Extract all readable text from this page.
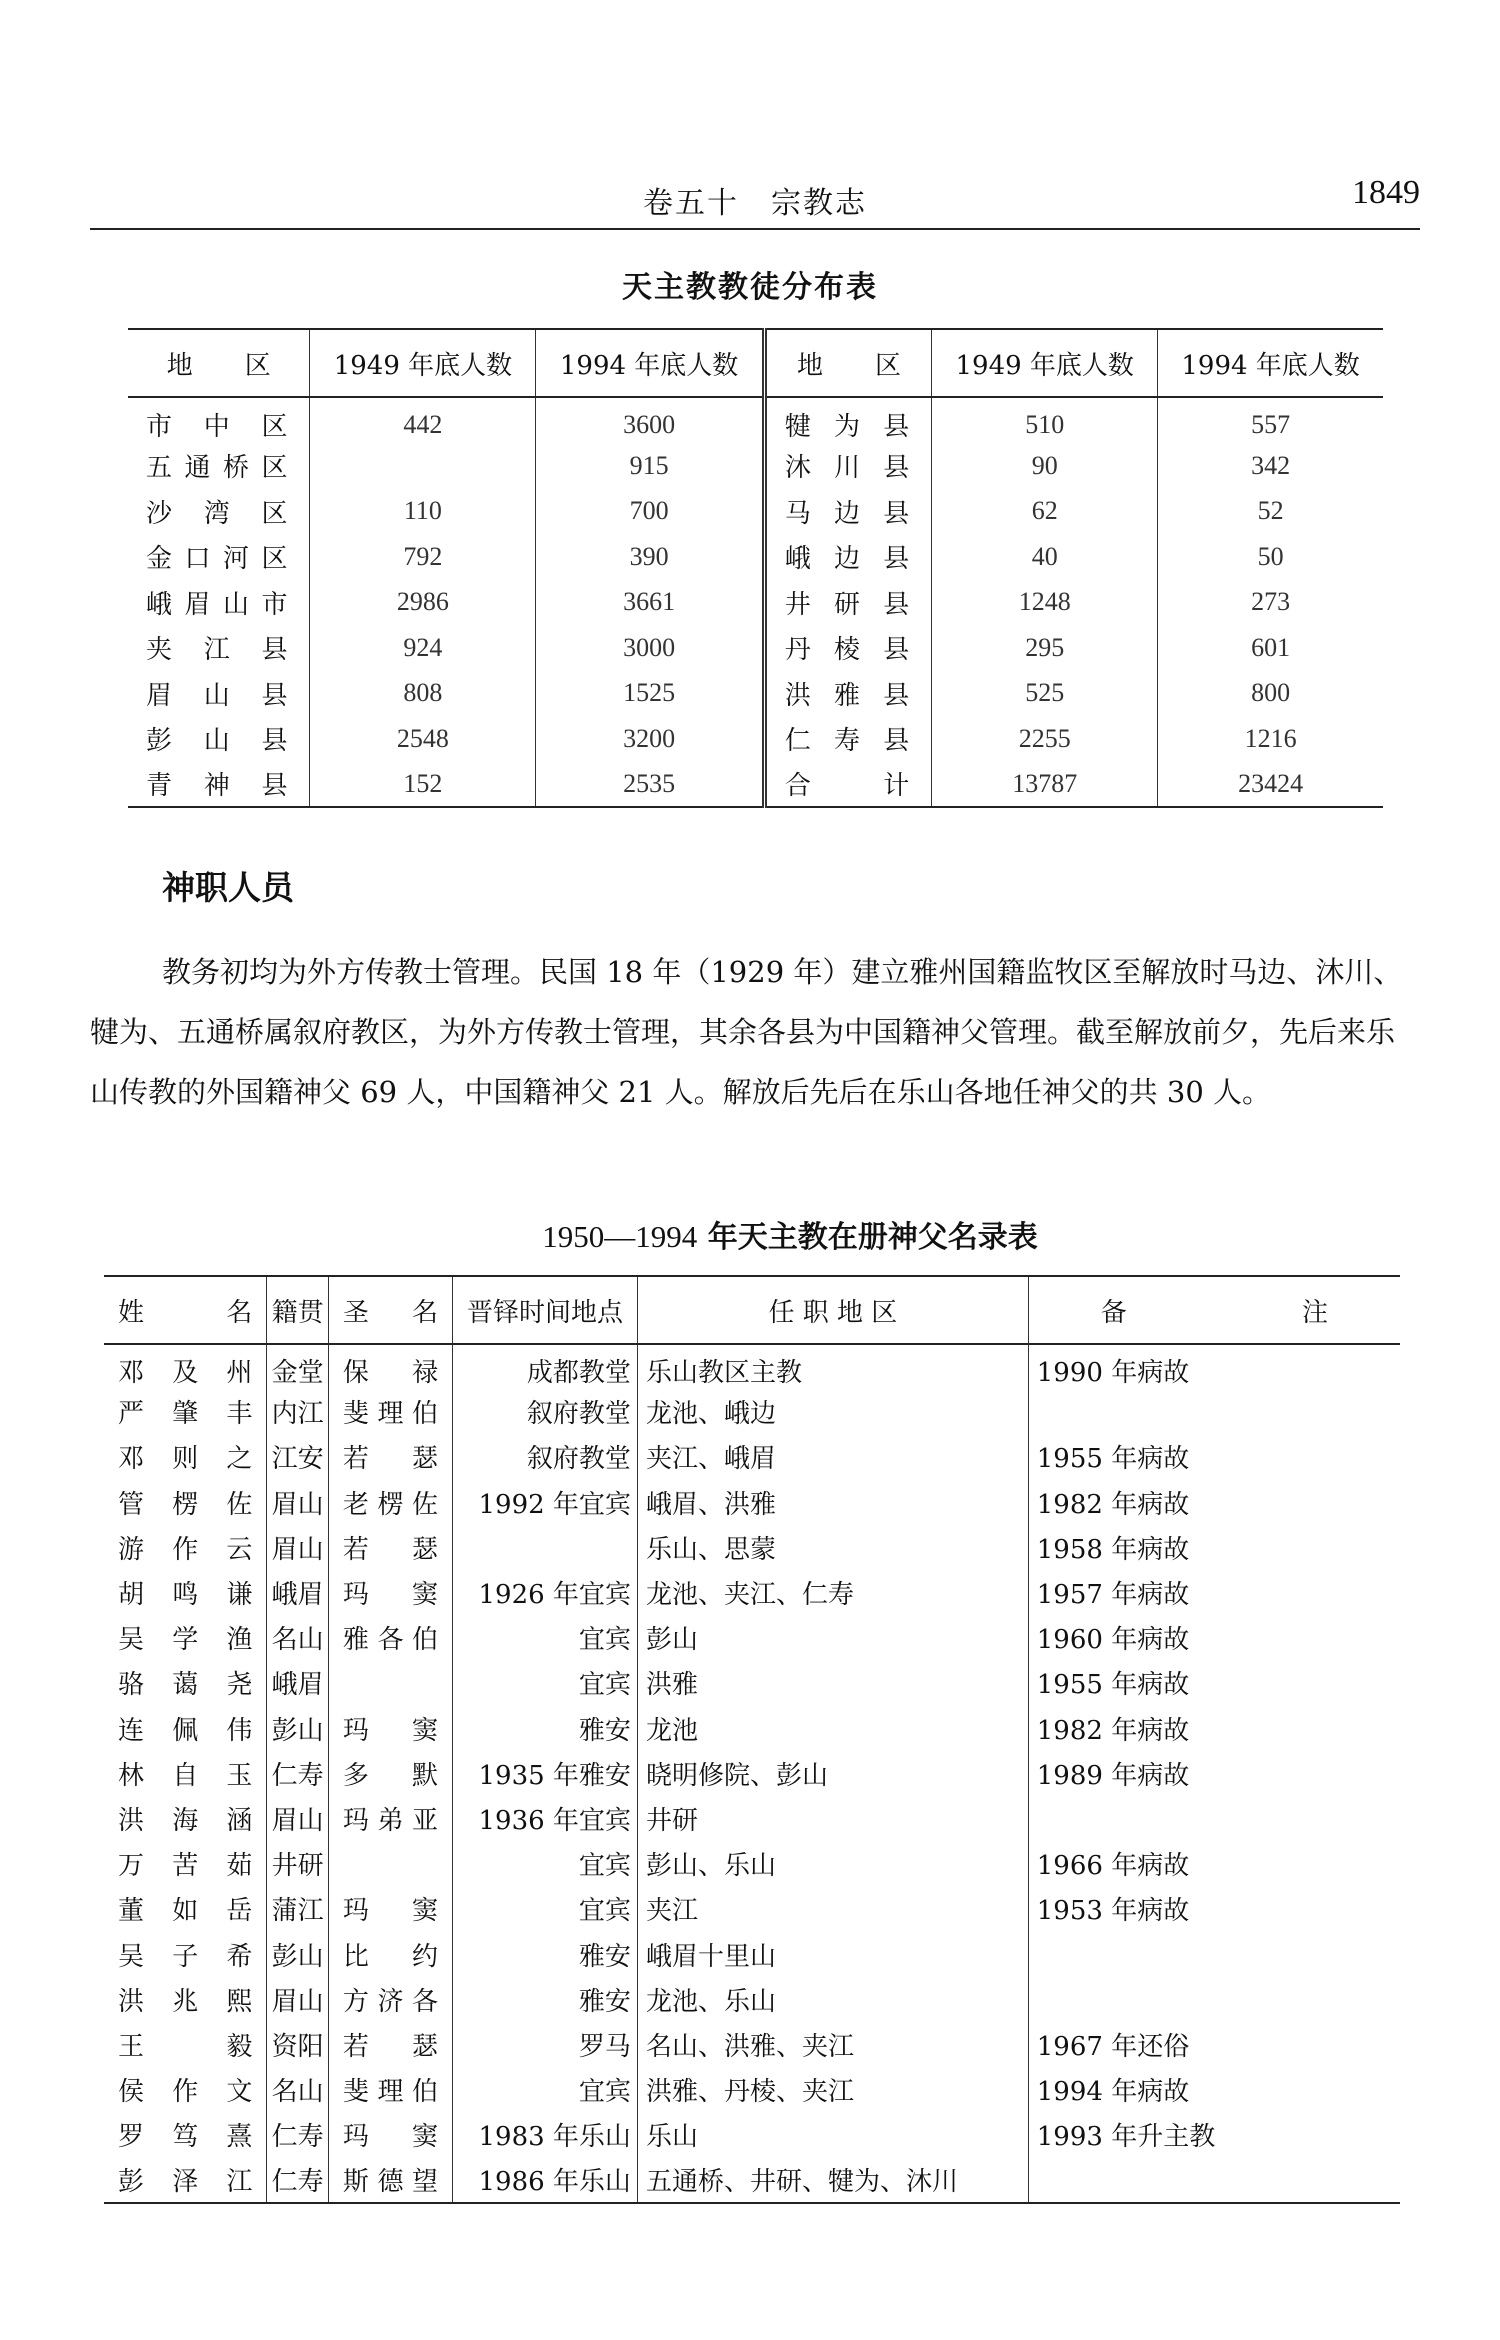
卷五十　宗教志	1849
天主教教徒分布表
地　　区	1949 年底人数	1994 年底人数	地　　区	1949 年底人数	1994 年底人数
市中区	442	3600	犍为县	510	557
五通桥区		915	沐川县	90	342
沙湾区	110	700	马边县	62	52
金口河区	792	390	峨边县	40	50
峨眉山市	2986	3661	井研县	1248	273
夹江县	924	3000	丹棱县	295	601
眉山县	808	1525	洪雅县	525	800
彭山县	2548	3200	仁寿县	2255	1216
青神县	152	2535	合计	13787	23424
神职人员
教务初均为外方传教士管理。民国 18 年（1929 年）建立雅州国籍监牧区至解放时马边、沐川、犍为、五通桥属叙府教区，为外方传教士管理，其余各县为中国籍神父管理。截至解放前夕，先后来乐山传教的外国籍神父 69 人，中国籍神父 21 人。解放后先后在乐山各地任神父的共 30 人。
1950—1994 年天主教在册神父名录表
姓名	籍贯	圣名	晋铎时间地点	任 职 地 区	备注
邓及州	金堂	保禄	成都教堂	乐山教区主教	1990 年病故
严肇丰	内江	斐理伯	叙府教堂	龙池、峨边	
邓则之	江安	若瑟	叙府教堂	夹江、峨眉	1955 年病故
管楞佐	眉山	老楞佐	1992 年宜宾	峨眉、洪雅	1982 年病故
游作云	眉山	若瑟		乐山、思蒙	1958 年病故
胡鸣谦	峨眉	玛窦	1926 年宜宾	龙池、夹江、仁寿	1957 年病故
吴学渔	名山	雅各伯	宜宾	彭山	1960 年病故
骆蔼尧	峨眉		宜宾	洪雅	1955 年病故
连佩伟	彭山	玛窦	雅安	龙池	1982 年病故
林自玉	仁寿	多默	1935 年雅安	晓明修院、彭山	1989 年病故
洪海涵	眉山	玛弟亚	1936 年宜宾	井研	
万苦茹	井研		宜宾	彭山、乐山	1966 年病故
董如岳	蒲江	玛窦	宜宾	夹江	1953 年病故
吴子希	彭山	比约	雅安	峨眉十里山	
洪兆熙	眉山	方济各	雅安	龙池、乐山	
王毅	资阳	若瑟	罗马	名山、洪雅、夹江	1967 年还俗
侯作文	名山	斐理伯	宜宾	洪雅、丹棱、夹江	1994 年病故
罗笃熹	仁寿	玛窦	1983 年乐山	乐山	1993 年升主教
彭泽江	仁寿	斯德望	1986 年乐山	五通桥、井研、犍为、沐川	
